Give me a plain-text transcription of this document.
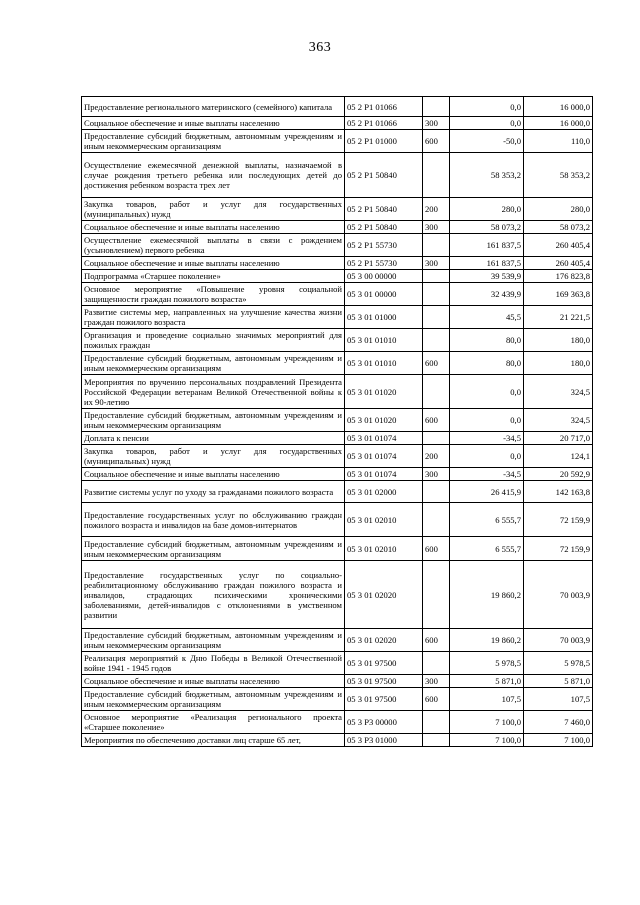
363
Предоставление регионального материнского (семейного) капитала	05 2 P1 01066		0,0	16 000,0
Социальное обеспечение и иные выплаты населению	05 2 P1 01066	300	0,0	16 000,0
Предоставление субсидий бюджетным, автономным учреждениям и иным некоммерческим организациям	05 2 P1 01000	600	-50,0	110,0
Осуществление ежемесячной денежной выплаты, назначаемой в случае рождения третьего ребенка или последующих детей до достижения ребенком возраста трех лет	05 2 P1 50840		58 353,2	58 353,2
Закупка товаров, работ и услуг для государственных (муниципальных) нужд	05 2 P1 50840	200	280,0	280,0
Социальное обеспечение и иные выплаты населению	05 2 P1 50840	300	58 073,2	58 073,2
Осуществление ежемесячной выплаты в связи с рождением (усыновлением) первого ребенка	05 2 P1 55730		161 837,5	260 405,4
Социальное обеспечение и иные выплаты населению	05 2 P1 55730	300	161 837,5	260 405,4
Подпрограмма «Старшее поколение»	05 3 00 00000		39 539,9	176 823,8
Основное мероприятие «Повышение уровня социальной защищенности граждан пожилого возраста»	05 3 01 00000		32 439,9	169 363,8
Развитие системы мер, направленных на улучшение качества жизни граждан пожилого возраста	05 3 01 01000		45,5	21 221,5
Организация и проведение социально значимых мероприятий для пожилых граждан	05 3 01 01010		80,0	180,0
Предоставление субсидий бюджетным, автономным учреждениям и иным некоммерческим организациям	05 3 01 01010	600	80,0	180,0
Мероприятия по вручению персональных поздравлений Президента Российской Федерации ветеранам Великой Отечественной войны к их 90-летию	05 3 01 01020		0,0	324,5
Предоставление субсидий бюджетным, автономным учреждениям и иным некоммерческим организациям	05 3 01 01020	600	0,0	324,5
Доплата к пенсии	05 3 01 01074		-34,5	20 717,0
Закупка товаров, работ и услуг для государственных (муниципальных) нужд	05 3 01 01074	200	0,0	124,1
Социальное обеспечение и иные выплаты населению	05 3 01 01074	300	-34,5	20 592,9
Развитие системы услуг по уходу за гражданами пожилого возраста	05 3 01 02000		26 415,9	142 163,8
Предоставление государственных услуг по обслуживанию граждан пожилого возраста и инвалидов на базе домов-интернатов	05 3 01 02010		6 555,7	72 159,9
Предоставление субсидий бюджетным, автономным учреждениям и иным некоммерческим организациям	05 3 01 02010	600	6 555,7	72 159,9
Предоставление государственных услуг по социально-реабилитационному обслуживанию граждан пожилого возраста и инвалидов, страдающих психическими хроническими заболеваниями, детей-инвалидов с отклонениями в умственном развитии	05 3 01 02020		19 860,2	70 003,9
Предоставление субсидий бюджетным, автономным учреждениям и иным некоммерческим организациям	05 3 01 02020	600	19 860,2	70 003,9
Реализация мероприятий к Дню Победы в Великой Отечественной войне 1941 - 1945 годов	05 3 01 97500		5 978,5	5 978,5
Социальное обеспечение и иные выплаты населению	05 3 01 97500	300	5 871,0	5 871,0
Предоставление субсидий бюджетным, автономным учреждениям и иным некоммерческим организациям	05 3 01 97500	600	107,5	107,5
Основное мероприятие «Реализация регионального проекта «Старшее поколение»	05 3 P3 00000		7 100,0	7 460,0
Мероприятия по обеспечению доставки лиц старше 65 лет,	05 3 P3 01000		7 100,0	7 100,0
